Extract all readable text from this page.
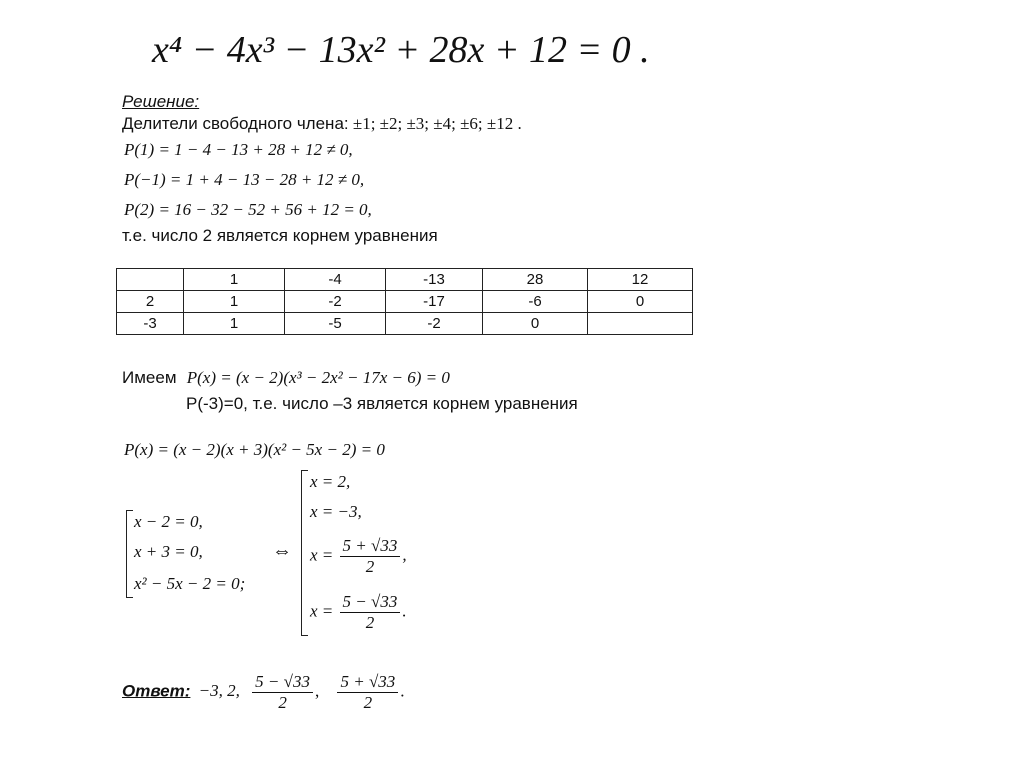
x⁴ − 4x³ − 13x² + 28x + 12 = 0 .
Решение:
Делители свободного члена: ±1; ±2; ±3; ±4; ±6; ±12 .
P(1) = 1 − 4 − 13 + 28 + 12 ≠ 0,
P(−1) = 1 + 4 − 13 − 28 + 12 ≠ 0,
P(2) = 16 − 32 − 52 + 56 + 12 = 0,
т.е. число 2 является корнем уравнения
	1	-4	-13	28	12
2	1	-2	-17	-6	0
-3	1	-5	-2	0	
Имеем P(x) = (x − 2)(x³ − 2x² − 17x − 6) = 0
P(-3)=0, т.е. число –3 является корнем уравнения
P(x) = (x − 2)(x + 3)(x² − 5x − 2) = 0
x − 2 = 0,
x + 3 = 0,
x² − 5x − 2 = 0;
⇔
x = 2,
x = −3,
$x = \frac{5 + √33}{2}$ ,
$x = \frac{5 - √33}{2}$ .
Ответ: −3, 2, $\frac{5 - √33}{2}$ , $\frac{5 + √33}{2}$ .
